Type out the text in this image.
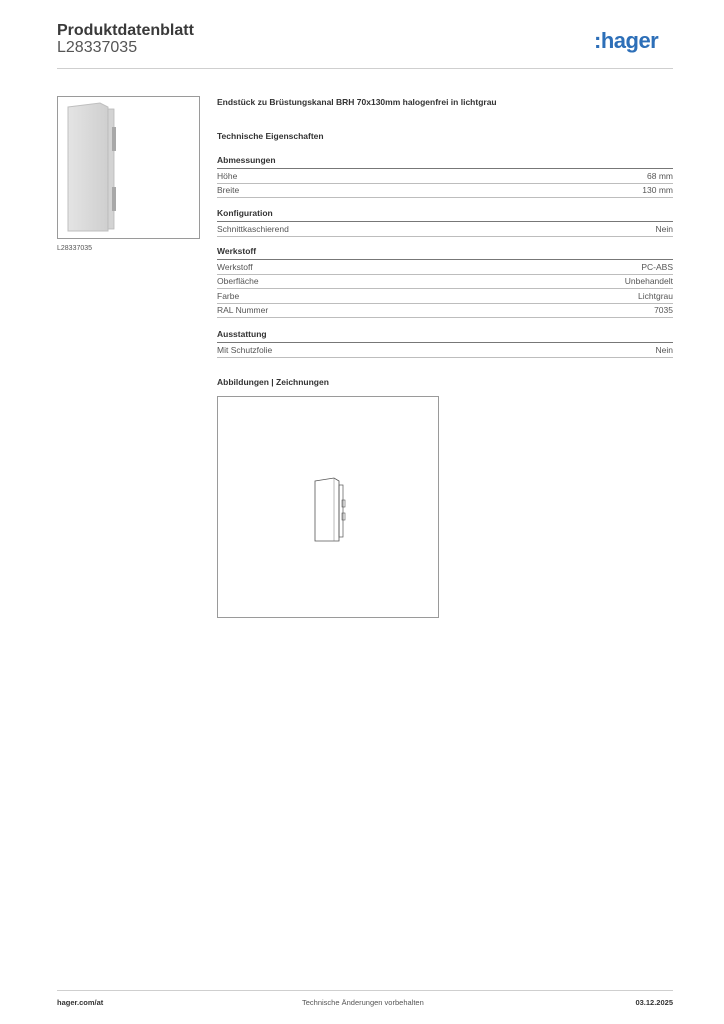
Produktdatenblatt
L28337035	:hager
L28337035
Endstück zu Brüstungskanal BRH 70x130mm halogenfrei in lichtgrau
Technische Eigenschaften
Abmessungen
Höhe	68 mm
Breite	130 mm
Konfiguration
Schnittkaschierend	Nein
Werkstoff
Werkstoff	PC-ABS
Oberfläche	Unbehandelt
Farbe	Lichtgrau
RAL Nummer	7035
Ausstattung
Mit Schutzfolie	Nein
Abbildungen | Zeichnungen
hager.com/at	Technische Änderungen vorbehalten	03.12.2025
